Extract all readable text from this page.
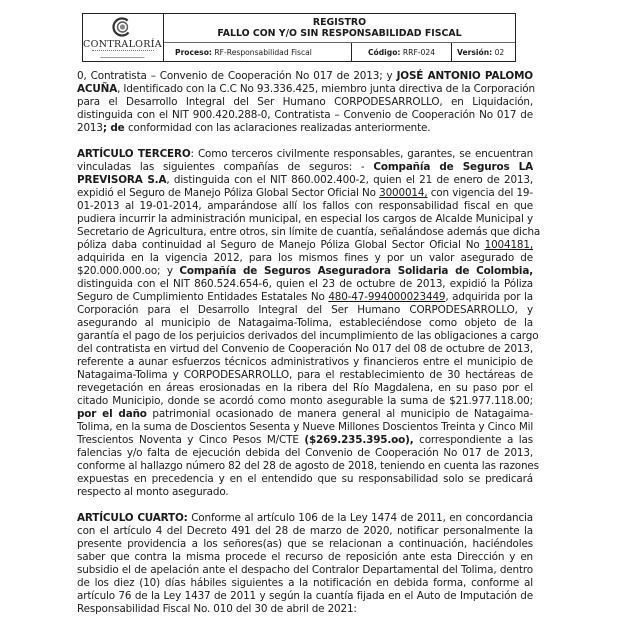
CONTRALORÍA
REGISTRO
FALLO CON Y/O SIN RESPONSABILIDAD FISCAL
Proceso: RF-Responsabilidad Fiscal	Código: RRF-024	Versión: 02

0, Contratista – Convenio de Cooperación No 017 de 2013; y JOSÉ ANTONIO PALOMO
ACUÑA, Identificado con la C.C No 93.336.425, miembro junta directiva de la Corporación
para el Desarrollo Integral del Ser Humano CORPODESARROLLO, en Liquidación,
distinguida con el NIT 900.420.288-0, Contratista – Convenio de Cooperación No 017 de
2013; de conformidad con las aclaraciones realizadas anteriormente.

ARTÍCULO TERCERO: Como terceros civilmente responsables, garantes, se encuentran
vinculadas las siguientes compañías de seguros: - Compañía de Seguros LA
PREVISORA S.A, distinguida con el NIT 860.002.400-2, quien el 21 de enero de 2013,
expidió el Seguro de Manejo Póliza Global Sector Oficial No 3000014, con vigencia del 19-
01-2013 al 19-01-2014, amparándose allí los fallos con responsabilidad fiscal en que
pudiera incurrir la administración municipal, en especial los cargos de Alcalde Municipal y
Secretario de Agricultura, entre otros, sin límite de cuantía, señalándose además que dicha
póliza daba continuidad al Seguro de Manejo Póliza Global Sector Oficial No 1004181,
adquirida en la vigencia 2012, para los mismos fines y por un valor asegurado de
$20.000.000.oo; y Compañía de Seguros Aseguradora Solidaria de Colombia,
distinguida con el NIT 860.524.654-6, quien el 23 de octubre de 2013, expidió la Póliza
Seguro de Cumplimiento Entidades Estatales No 480-47-994000023449, adquirida por la
Corporación para el Desarrollo Integral del Ser Humano CORPODESARROLLO, y
asegurando al municipio de Natagaima-Tolima, estableciéndose como objeto de la
garantía el pago de los perjuicios derivados del incumplimiento de las obligaciones a cargo
del contratista en virtud del Convenio de Cooperación No 017 del 08 de octubre de 2013,
referente a aunar esfuerzos técnicos administrativos y financieros entre el municipio de
Natagaima-Tolima y CORPODESARROLLO, para el restablecimiento de 30 hectáreas de
revegetación en áreas erosionadas en la ribera del Río Magdalena, en su paso por el
citado Municipio, donde se acordó como monto asegurable la suma de $21.977.118.00;
por el daño patrimonial ocasionado de manera general al municipio de Natagaima-
Tolima, en la suma de Doscientos Sesenta y Nueve Millones Doscientos Treinta y Cinco Mil
Trescientos Noventa y Cinco Pesos M/CTE ($269.235.395.oo), correspondiente a las
falencias y/o falta de ejecución debida del Convenio de Cooperación No 017 de 2013,
conforme al hallazgo número 82 del 28 de agosto de 2018, teniendo en cuenta las razones
expuestas en precedencia y en el entendido que su responsabilidad solo se predicará
respecto al monto asegurado.

ARTÍCULO CUARTO: Conforme al artículo 106 de la Ley 1474 de 2011, en concordancia
con el artículo 4 del Decreto 491 del 28 de marzo de 2020, notificar personalmente la
presente providencia a los señores(as) que se relacionan a continuación, haciéndoles
saber que contra la misma procede el recurso de reposición ante esta Dirección y en
subsidio el de apelación ante el despacho del Contralor Departamental del Tolima, dentro
de los diez (10) días hábiles siguientes a la notificación en debida forma, conforme al
artículo 76 de la Ley 1437 de 2011 y según la cuantía fijada en el Auto de Imputación de
Responsabilidad Fiscal No. 010 del 30 de abril de 2021:
